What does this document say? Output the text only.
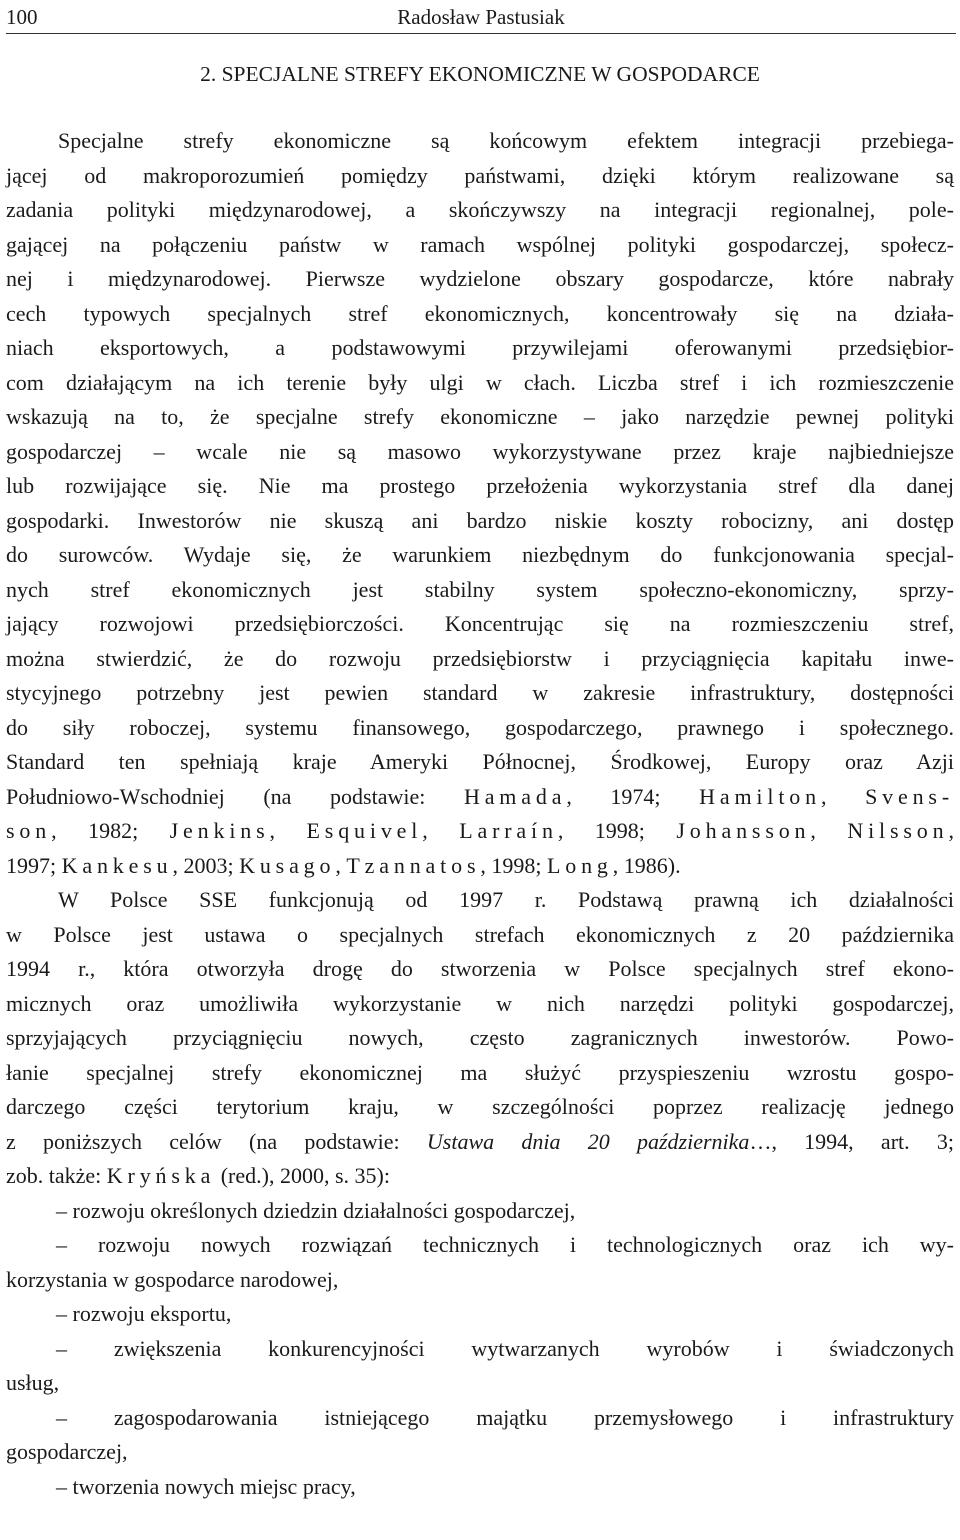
100	Radosław Pastusiak
2. SPECJALNE STREFY EKONOMICZNE W GOSPODARCE
Specjalne strefy ekonomiczne są końcowym efektem integracji przebiega-
jącej od makroporozumień pomiędzy państwami, dzięki którym realizowane są
zadania polityki międzynarodowej, a skończywszy na integracji regionalnej, pole-
gającej na połączeniu państw w ramach wspólnej polityki gospodarczej, społecz-
nej i międzynarodowej. Pierwsze wydzielone obszary gospodarcze, które nabrały
cech typowych specjalnych stref ekonomicznych, koncentrowały się na działa-
niach eksportowych, a podstawowymi przywilejami oferowanymi przedsiębior-
com działającym na ich terenie były ulgi w cłach. Liczba stref i ich rozmieszczenie
wskazują na to, że specjalne strefy ekonomiczne – jako narzędzie pewnej polityki
gospodarczej – wcale nie są masowo wykorzystywane przez kraje najbiedniejsze
lub rozwijające się. Nie ma prostego przełożenia wykorzystania stref dla danej
gospodarki. Inwestorów nie skuszą ani bardzo niskie koszty robocizny, ani dostęp
do surowców. Wydaje się, że warunkiem niezbędnym do funkcjonowania specjal-
nych stref ekonomicznych jest stabilny system społeczno-ekonomiczny, sprzy-
jający rozwojowi przedsiębiorczości. Koncentrując się na rozmieszczeniu stref,
można stwierdzić, że do rozwoju przedsiębiorstw i przyciągnięcia kapitału inwe-
stycyjnego potrzebny jest pewien standard w zakresie infrastruktury, dostępności
do siły roboczej, systemu finansowego, gospodarczego, prawnego i społecznego.
Standard ten spełniają kraje Ameryki Północnej, Środkowej, Europy oraz Azji
Południowo-Wschodniej (na podstawie: Hamada, 1974; Hamilton, Svens-
son, 1982; Jenkins, Esquivel, Larraín, 1998; Johansson, Nilsson,
1997; Kankesu, 2003; Kusago, Tzannatos, 1998; Long, 1986).
W Polsce SSE funkcjonują od 1997 r. Podstawą prawną ich działalności
w Polsce jest ustawa o specjalnych strefach ekonomicznych z 20 października
1994 r., która otworzyła drogę do stworzenia w Polsce specjalnych stref ekono-
micznych oraz umożliwiła wykorzystanie w nich narzędzi polityki gospodarczej,
sprzyjających przyciągnięciu nowych, często zagranicznych inwestorów. Powo-
łanie specjalnej strefy ekonomicznej ma służyć przyspieszeniu wzrostu gospo-
darczego części terytorium kraju, w szczególności poprzez realizację jednego
z poniższych celów (na podstawie: Ustawa dnia 20 października…, 1994, art. 3;
zob. także: Kryńska (red.), 2000, s. 35):
– rozwoju określonych dziedzin działalności gospodarczej,
– rozwoju nowych rozwiązań technicznych i technologicznych oraz ich wy-
korzystania w gospodarce narodowej,
– rozwoju eksportu,
– zwiększenia konkurencyjności wytwarzanych wyrobów i świadczonych
usług,
– zagospodarowania istniejącego majątku przemysłowego i infrastruktury
gospodarczej,
– tworzenia nowych miejsc pracy,
